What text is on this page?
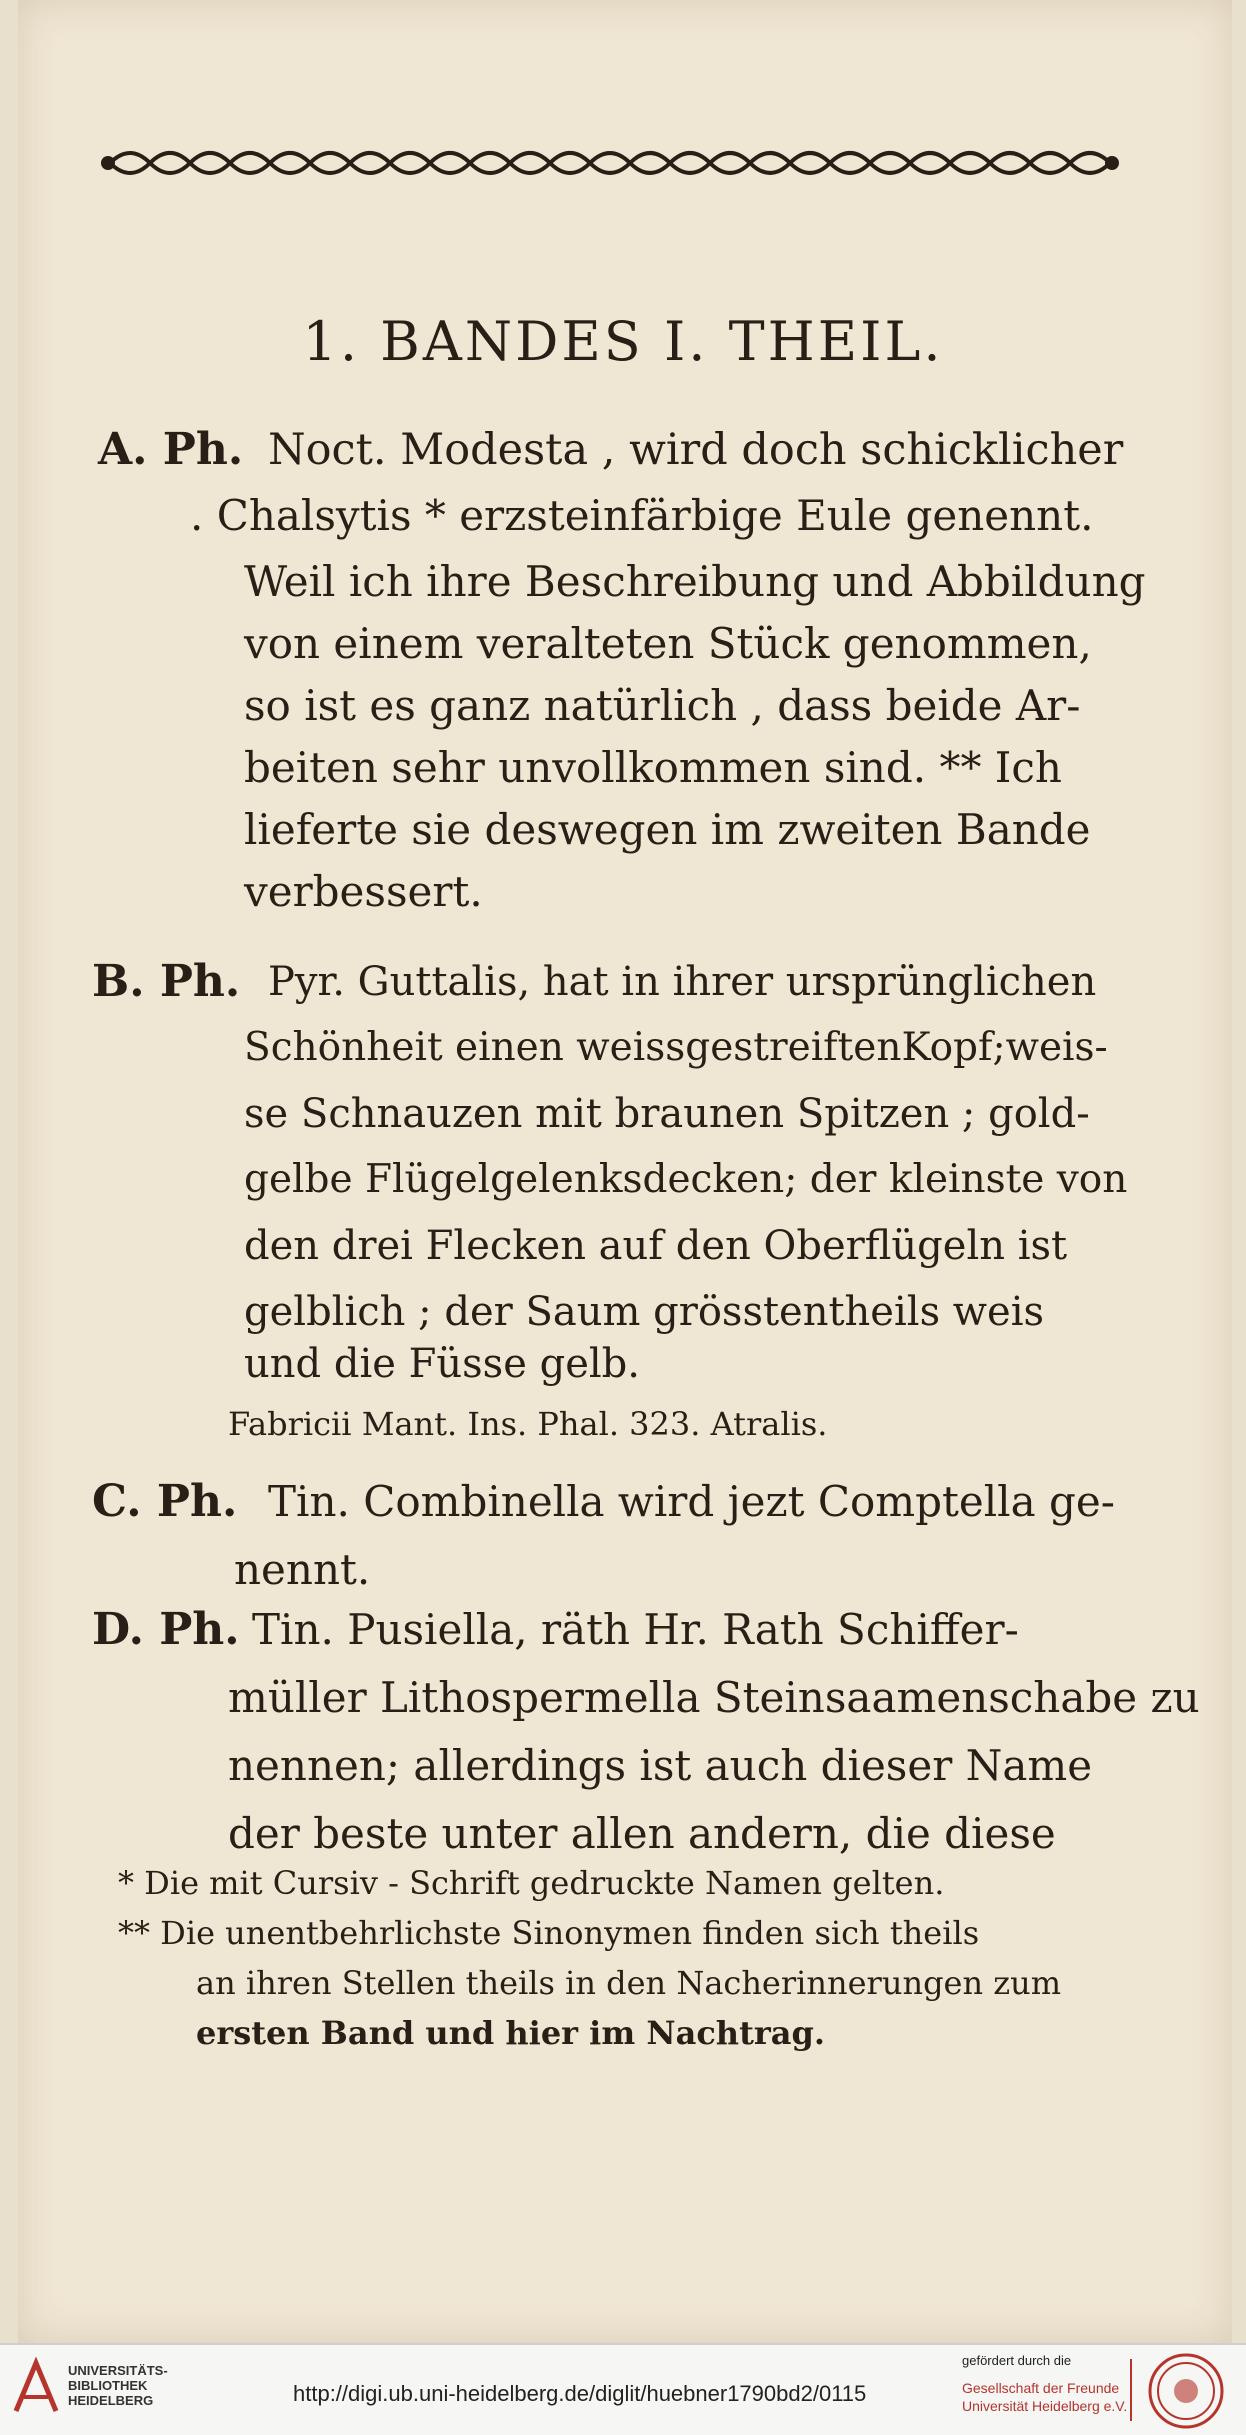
1. BANDES I. THEIL.
A. Ph. Noct. Modesta , wird doch schicklicher
. Chalsytis * erzsteinfärbige Eule genennt.
Weil ich ihre Beschreibung und Abbildung
von einem veralteten Stück genommen,
so ist es ganz natürlich , dass beide Ar-
beiten sehr unvollkommen sind. ** Ich
lieferte sie deswegen im zweiten Bande
verbessert.
B. Ph. Pyr. Guttalis, hat in ihrer ursprünglichen
Schönheit einen weissgestreiftenKopf;weis-
se Schnauzen mit braunen Spitzen ; gold-
gelbe Flügelgelenksdecken; der kleinste von
den drei Flecken auf den Oberflügeln ist
gelblich ; der Saum grösstentheils weis
und die Füsse gelb.
Fabricii Mant. Ins. Phal. 323. Atralis.
C. Ph. Tin. Combinella wird jezt Comptella ge-
nennt.
D. Ph. Tin. Pusiella, räth Hr. Rath Schiffer-
müller Lithospermella Steinsaamenschabe zu
nennen; allerdings ist auch dieser Name
der beste unter allen andern, die diese
* Die mit Cursiv - Schrift gedruckte Namen gelten.
** Die unentbehrlichste Sinonymen finden sich theils
an ihren Stellen theils in den Nacherinnerungen zum
ersten Band und hier im Nachtrag.
UNIVERSITÄTS-
BIBLIOTHEK
HEIDELBERG	http://digi.ub.uni-heidelberg.de/diglit/huebner1790bd2/0115
gefördert durch die
Gesellschaft der Freunde
Universität Heidelberg e.V.
